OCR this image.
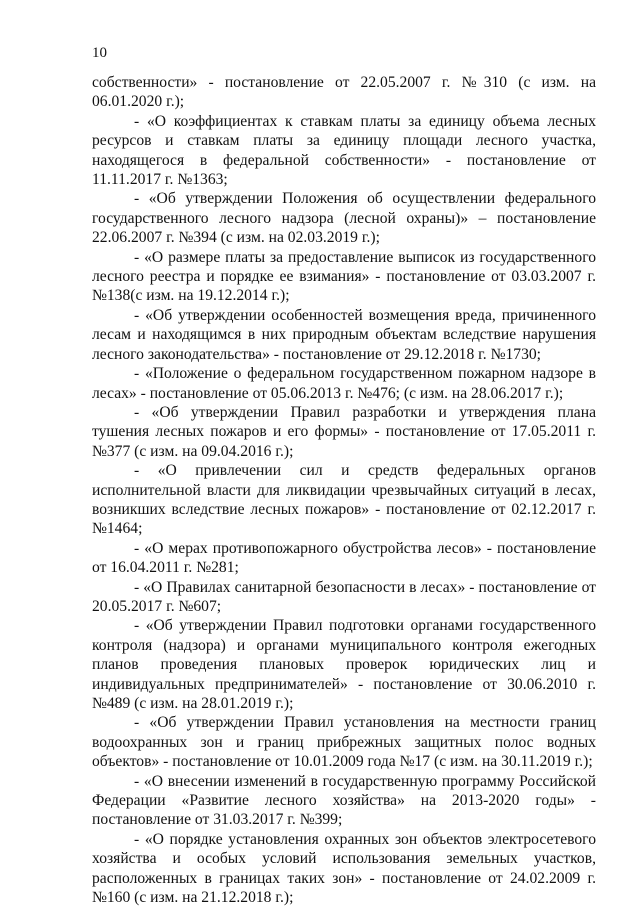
10

собственности» - постановление от 22.05.2007 г. №310 (с изм. на 06.01.2020 г.);

- «О коэффициентах к ставкам платы за единицу объема лесных ресурсов и ставкам платы за единицу площади лесного участка, находящегося в федеральной собственности» - постановление от 11.11.2017 г. №1363;

- «Об утверждении Положения об осуществлении федерального государственного лесного надзора (лесной охраны)» – постановление 22.06.2007 г. №394 (с изм. на 02.03.2019 г.);

- «О размере платы за предоставление выписок из государственного лесного реестра и порядке ее взимания» - постановление от 03.03.2007 г. №138(с изм. на 19.12.2014 г.);

- «Об утверждении особенностей возмещения вреда, причиненного лесам и находящимся в них природным объектам вследствие нарушения лесного законодательства» - постановление от 29.12.2018 г. №1730;

- «Положение о федеральном государственном пожарном надзоре в лесах» - постановление от 05.06.2013 г. №476; (с изм. на 28.06.2017 г.);

- «Об утверждении Правил разработки и утверждения плана тушения лесных пожаров и его формы» - постановление от 17.05.2011 г. №377 (с изм. на 09.04.2016 г.);

- «О привлечении сил и средств федеральных органов исполнительной власти для ликвидации чрезвычайных ситуаций в лесах, возникших вследствие лесных пожаров» - постановление от 02.12.2017 г. №1464;

- «О мерах противопожарного обустройства лесов» - постановление от 16.04.2011 г. №281;

- «О Правилах санитарной безопасности в лесах» - постановление от 20.05.2017 г. №607;

- «Об утверждении Правил подготовки органами государственного контроля (надзора) и органами муниципального контроля ежегодных планов проведения плановых проверок юридических лиц и индивидуальных предпринимателей» - постановление от 30.06.2010 г. №489 (с изм. на 28.01.2019 г.);

- «Об утверждении Правил установления на местности границ водоохранных зон и границ прибрежных защитных полос водных объектов» - постановление от 10.01.2009 года №17 (с изм. на 30.11.2019 г.);

- «О внесении изменений в государственную программу Российской Федерации «Развитие лесного хозяйства» на 2013-2020 годы» - постановление от 31.03.2017 г. №399;

- «О порядке установления охранных зон объектов электросетевого хозяйства и особых условий использования земельных участков, расположенных в границах таких зон» - постановление от 24.02.2009 г. №160 (с изм. на 21.12.2018 г.);
